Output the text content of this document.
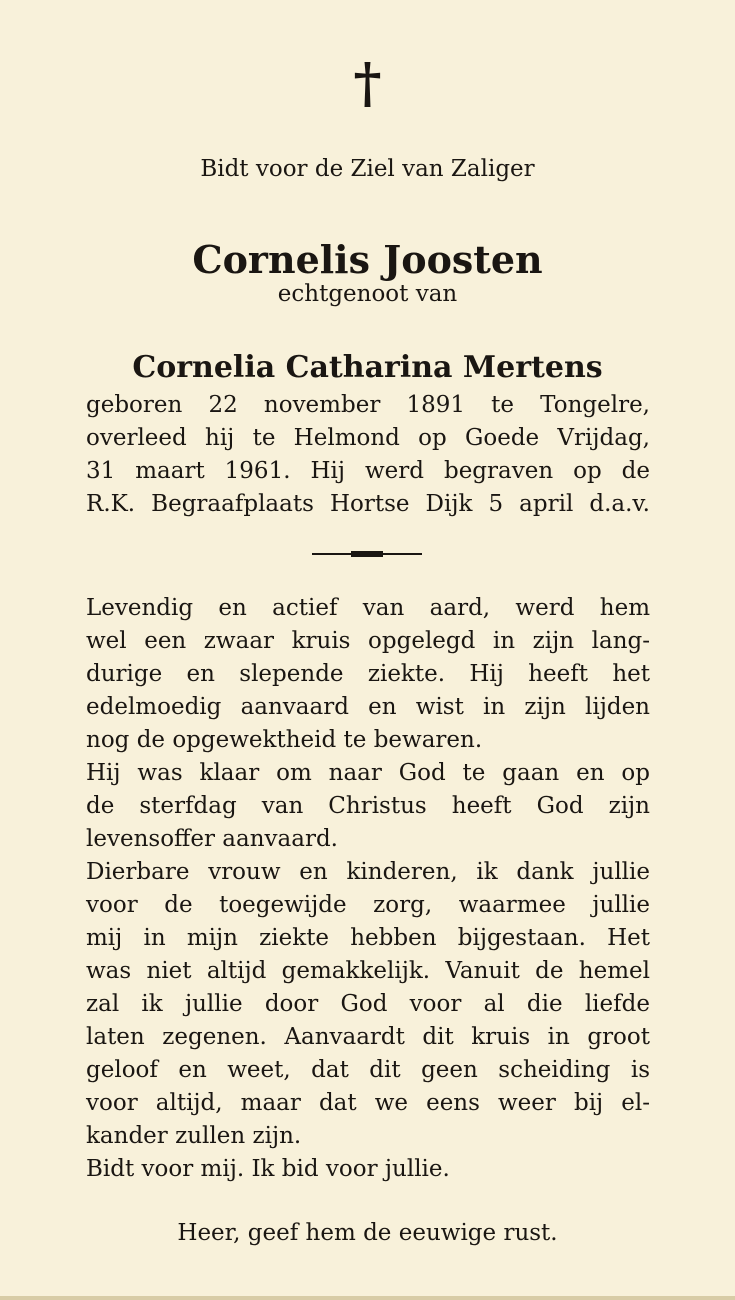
†
Bidt voor de Ziel van Zaliger
Cornelis Joosten
echtgenoot van
Cornelia Catharina Mertens

geboren 22 november 1891 te Tongelre,
overleed hij te Helmond op Goede Vrijdag,
31 maart 1961. Hij werd begraven op de
R.K. Begraafplaats Hortse Dijk 5 april d.a.v.

Levendig en actief van aard, werd hem
wel een zwaar kruis opgelegd in zijn lang-
durige en slepende ziekte. Hij heeft het
edelmoedig aanvaard en wist in zijn lijden
nog de opgewektheid te bewaren.
Hij was klaar om naar God te gaan en op
de sterfdag van Christus heeft God zijn
levensoffer aanvaard.
Dierbare vrouw en kinderen, ik dank jullie
voor de toegewijde zorg, waarmee jullie
mij in mijn ziekte hebben bijgestaan. Het
was niet altijd gemakkelijk. Vanuit de hemel
zal ik jullie door God voor al die liefde
laten zegenen. Aanvaardt dit kruis in groot
geloof en weet, dat dit geen scheiding is
voor altijd, maar dat we eens weer bij el-
kander zullen zijn.
Bidt voor mij. Ik bid voor jullie.

Heer, geef hem de eeuwige rust.
